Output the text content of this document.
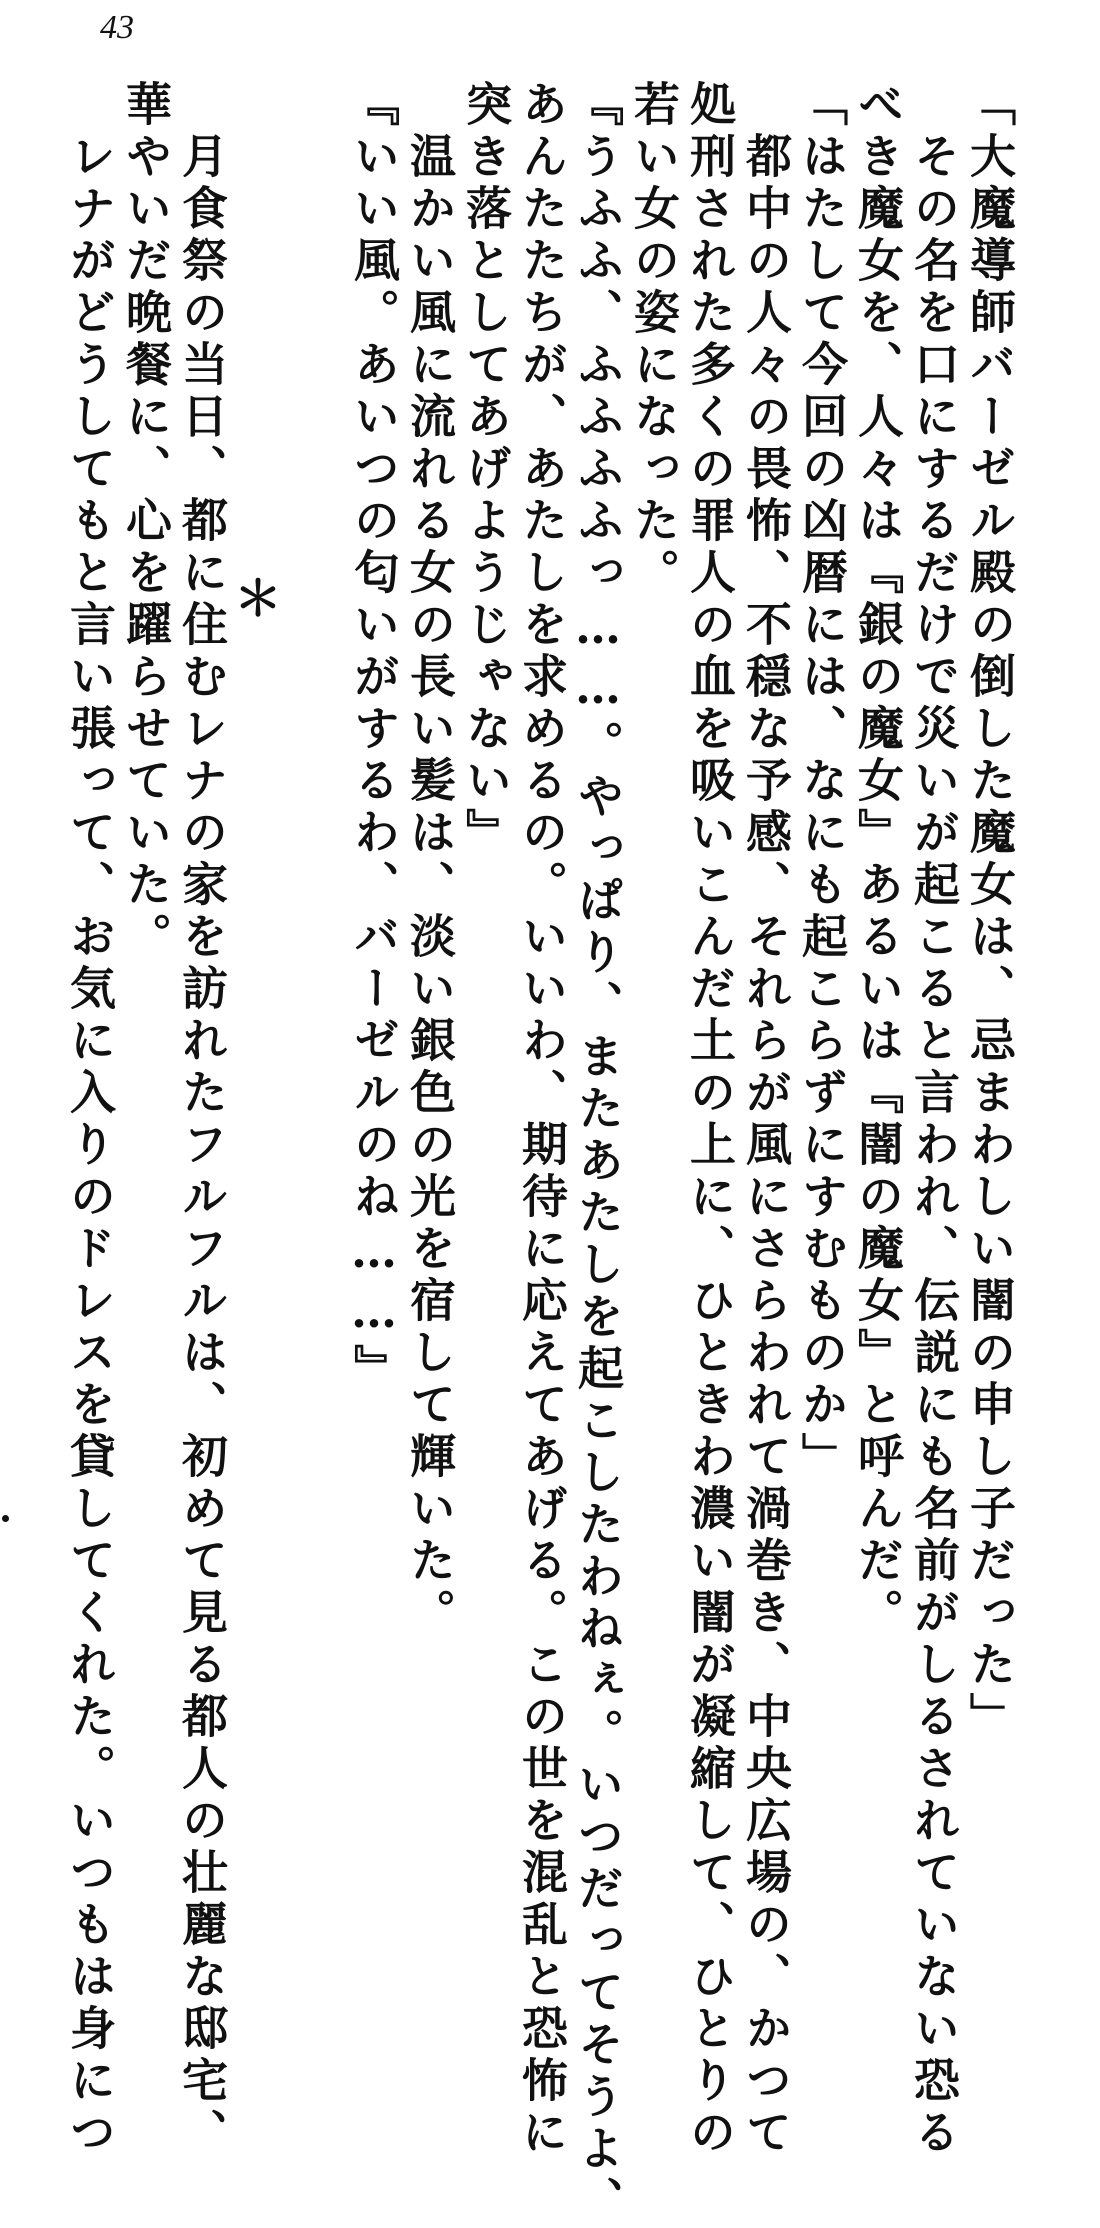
43
「大魔導師バーゼル殿の倒した魔女は、忌まわしい闇の申し子だった」
　その名を口にするだけで災いが起こると言われ、伝説にも名前がしるされていない恐る
べき魔女を、人々は『銀の魔女』あるいは『闇の魔女』と呼んだ。
「はたして今回の凶暦には、なにも起こらずにすむものか」
　都中の人々の畏怖、不穏な予感、それらが風にさらわれて渦巻き、中央広場の、かつて
処刑された多くの罪人の血を吸いこんだ土の上に、ひときわ濃い闇が凝縮して、ひとりの
若い女の姿になった。
『うふふ、ふふふふっ……。やっぱり、またあたしを起こしたわねぇ。いつだってそうよ、
あんたたちが、あたしを求めるの。いいわ、期待に応えてあげる。この世を混乱と恐怖に
突き落としてあげようじゃない』
　温かい風に流れる女の長い髪は、淡い銀色の光を宿して輝いた。
『いい風。あいつの匂いがするわ、バーゼルのね……』
＊
　月食祭の当日、都に住むレナの家を訪れたフルフルは、初めて見る都人の壮麗な邸宅、
華やいだ晩餐に、心を躍らせていた。
　レナがどうしてもと言い張って、お気に入りのドレスを貸してくれた。いつもは身につ
